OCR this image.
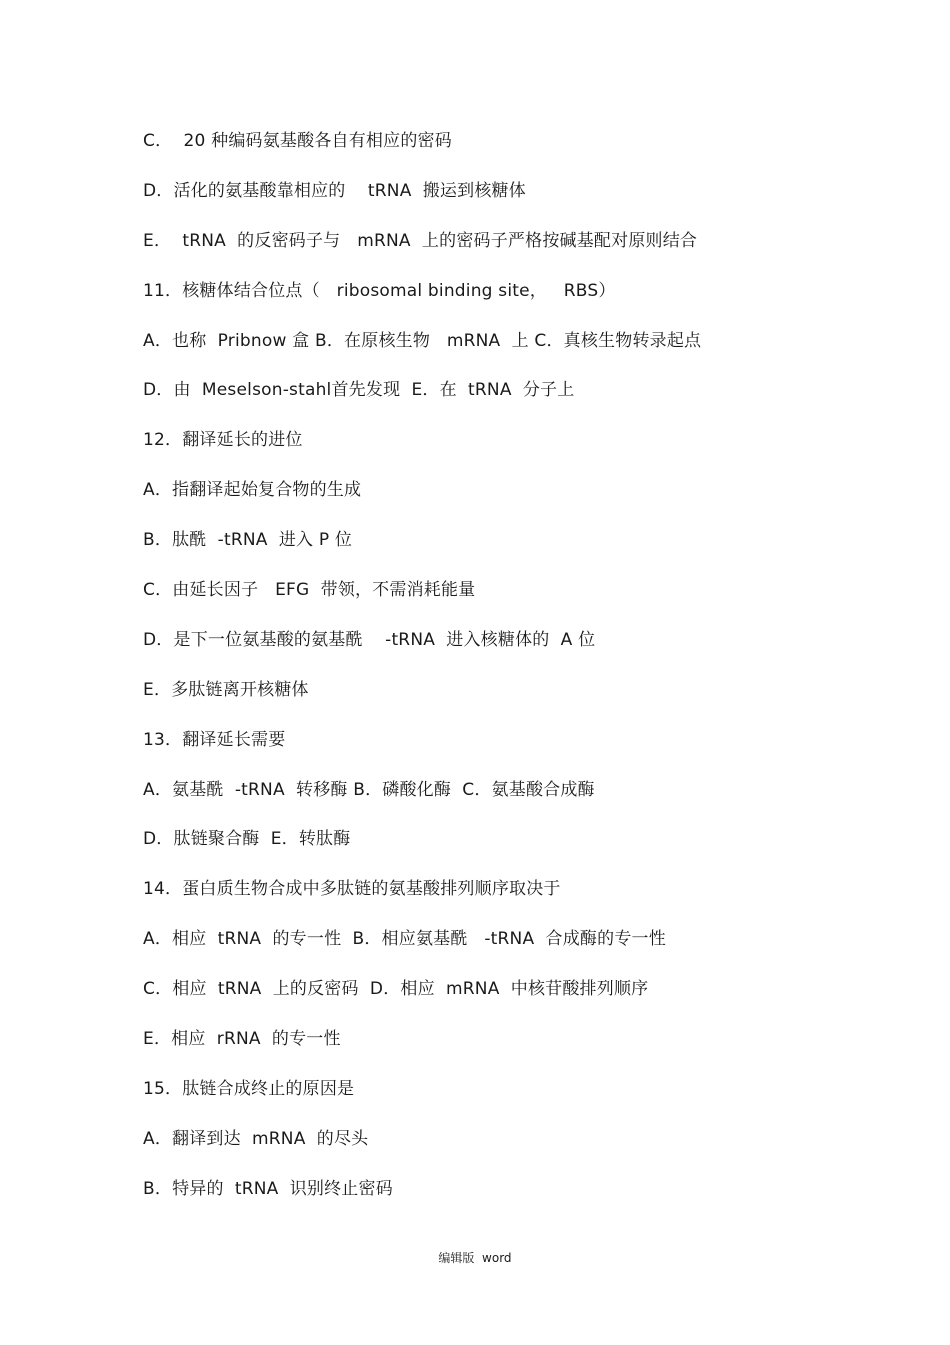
C．  20 种编码氨基酸各自有相应的密码
D．活化的氨基酸靠相应的    tRNA  搬运到核糖体
E．  tRNA  的反密码子与   mRNA  上的密码子严格按碱基配对原则结合
11．核糖体结合位点（   ribosomal binding site，   RBS）
A．也称  Pribnow 盒 B．在原核生物   mRNA  上 C．真核生物转录起点
D．由  Meselson-stahl首先发现  E．在  tRNA  分子上
12．翻译延长的进位
A．指翻译起始复合物的生成
B．肽酰  -tRNA  进入 P 位
C．由延长因子   EFG  带领，不需消耗能量
D．是下一位氨基酸的氨基酰    -tRNA  进入核糖体的  A 位
E．多肽链离开核糖体
13．翻译延长需要
A．氨基酰  -tRNA  转移酶 B．磷酸化酶  C．氨基酸合成酶
D．肽链聚合酶  E．转肽酶
14．蛋白质生物合成中多肽链的氨基酸排列顺序取决于
A．相应  tRNA  的专一性  B．相应氨基酰   -tRNA  合成酶的专一性
C．相应  tRNA  上的反密码  D．相应  mRNA  中核苷酸排列顺序
E．相应  rRNA  的专一性
15．肽链合成终止的原因是
A．翻译到达  mRNA  的尽头
B．特异的  tRNA  识别终止密码
编辑版  word
